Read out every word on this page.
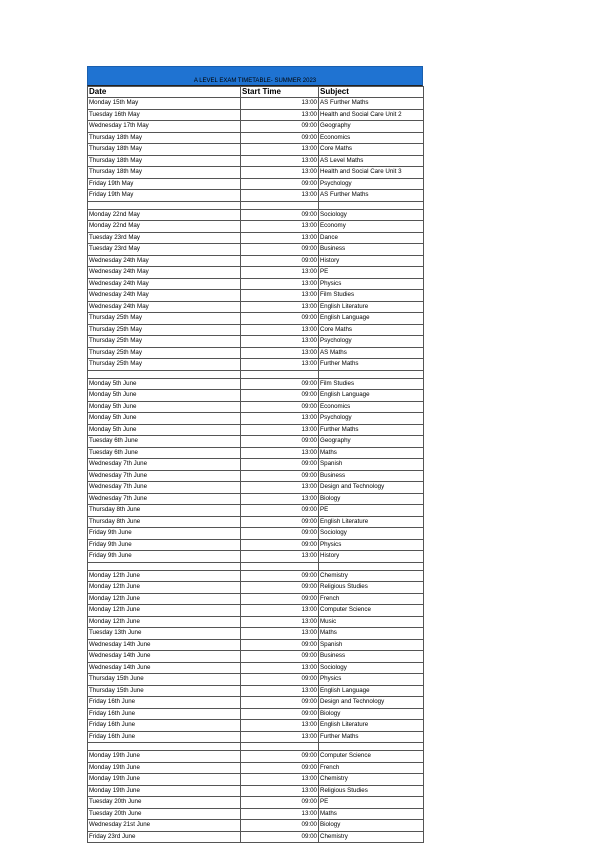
A LEVEL EXAM TIMETABLE- SUMMER 2023
Date	Start Time	Subject
Monday 15th May	13:00	AS Further Maths
Tuesday 16th May	13:00	Health and Social Care Unit 2
Wednesday 17th May	09:00	Geography
Thursday 18th May	09:00	Economics
Thursday 18th May	13:00	Core Maths
Thursday 18th May	13:00	AS Level Maths
Thursday 18th May	13:00	Health and Social Care Unit 3
Friday 19th May	09:00	Psychology
Friday 19th May	13:00	AS Further Maths

Monday 22nd May	09:00	Sociology
Monday 22nd May	13:00	Economy
Tuesday 23rd May	13:00	Dance
Tuesday 23rd May	09:00	Business
Wednesday 24th May	09:00	History
Wednesday 24th May	13:00	PE
Wednesday 24th May	13:00	Physics
Wednesday 24th May	13:00	Film Studies
Wednesday 24th May	13:00	English Literature
Thursday 25th May	09:00	English Language
Thursday 25th May	13:00	Core Maths
Thursday 25th May	13:00	Psychology
Thursday 25th May	13:00	AS Maths
Thursday 25th May	13:00	Further Maths

Monday 5th June	09:00	Film Studies
Monday 5th June	09:00	English Language
Monday 5th June	09:00	Economics
Monday 5th June	13:00	Psychology
Monday 5th June	13:00	Further Maths
Tuesday 6th June	09:00	Geography
Tuesday 6th June	13:00	Maths
Wednesday 7th June	09:00	Spanish
Wednesday 7th June	09:00	Business
Wednesday 7th June	13:00	Design and Technology
Wednesday 7th June	13:00	Biology
Thursday 8th June	09:00	PE
Thursday 8th June	09:00	English Literature
Friday 9th June	09:00	Sociology
Friday 9th June	09:00	Physics
Friday 9th June	13:00	History

Monday 12th June	09:00	Chemistry
Monday 12th June	09:00	Religious Studies
Monday 12th June	09:00	French
Monday 12th June	13:00	Computer Science
Monday 12th June	13:00	Music
Tuesday 13th June	13:00	Maths
Wednesday 14th June	09:00	Spanish
Wednesday 14th June	09:00	Business
Wednesday 14th June	13:00	Sociology
Thursday 15th June	09:00	Physics
Thursday 15th June	13:00	English Language
Friday 16th June	09:00	Design and Technology
Friday 16th June	09:00	Biology
Friday 16th June	13:00	English Literature
Friday 16th June	13:00	Further Maths

Monday 19th June	09:00	Computer Science
Monday 19th June	09:00	French
Monday 19th June	13:00	Chemistry
Monday 19th June	13:00	Religious Studies
Tuesday 20th June	09:00	PE
Tuesday 20th June	13:00	Maths
Wednesday 21st June	09:00	Biology
Friday 23rd June	09:00	Chemistry
